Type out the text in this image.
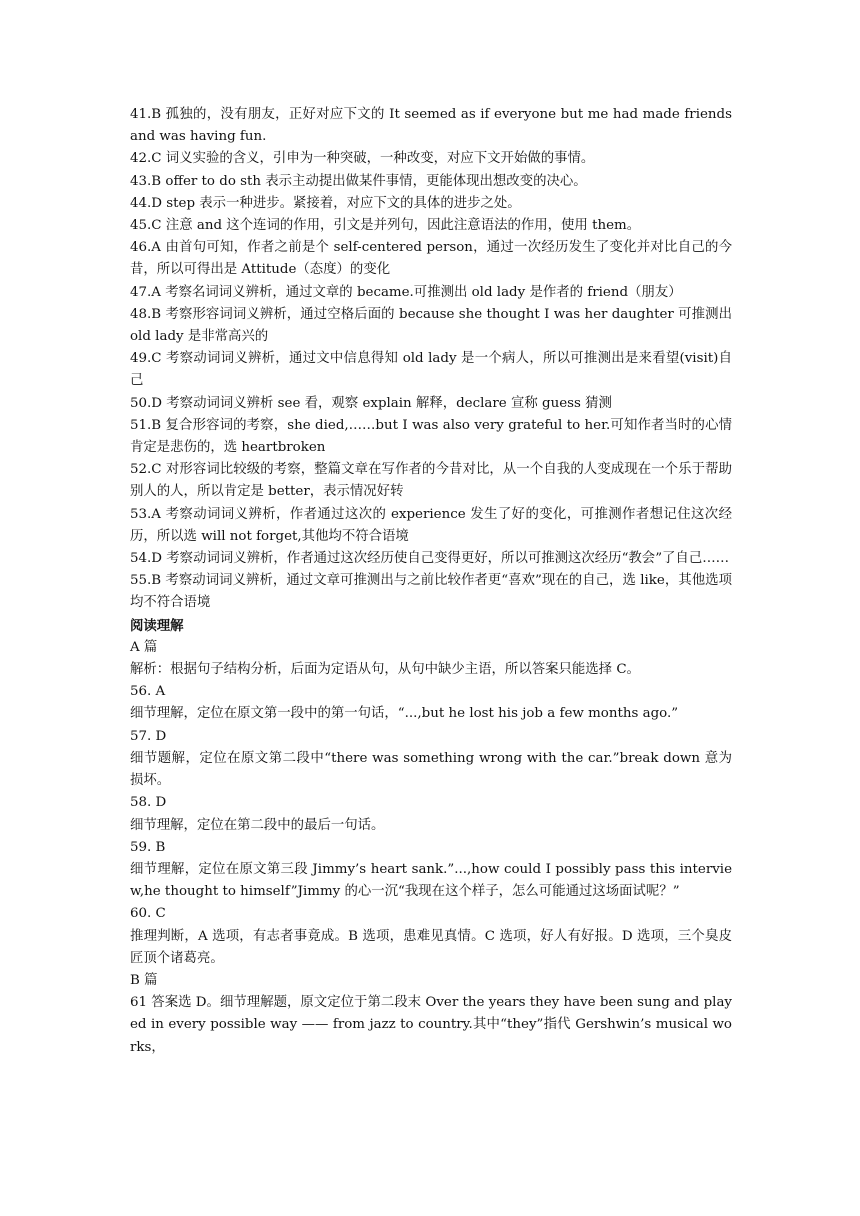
41.B 孤独的，没有朋友，正好对应下文的 It seemed as if everyone but me had made friends and was having fun.
42.C 词义实验的含义，引申为一种突破，一种改变，对应下文开始做的事情。
43.B offer to do sth 表示主动提出做某件事情，更能体现出想改变的决心。
44.D step 表示一种进步。紧接着，对应下文的具体的进步之处。
45.C 注意 and 这个连词的作用，引文是并列句，因此注意语法的作用，使用 them。
46.A 由首句可知，作者之前是个 self-centered person，通过一次经历发生了变化并对比自己的今昔，所以可得出是 Attitude（态度）的变化
47.A 考察名词词义辨析，通过文章的 became.可推测出 old lady 是作者的 friend（朋友）
48.B 考察形容词词义辨析，通过空格后面的 because she thought I was her daughter 可推测出 old lady 是非常高兴的
49.C 考察动词词义辨析，通过文中信息得知 old lady 是一个病人，所以可推测出是来看望(visit)自己
50.D 考察动词词义辨析 see 看，观察 explain 解释，declare 宣称 guess 猜测
51.B 复合形容词的考察，she died,……but I was also very grateful to her.可知作者当时的心情肯定是悲伤的，选 heartbroken
52.C 对形容词比较级的考察，整篇文章在写作者的今昔对比，从一个自我的人变成现在一个乐于帮助别人的人，所以肯定是 better，表示情况好转
53.A 考察动词词义辨析，作者通过这次的 experience 发生了好的变化，可推测作者想记住这次经历，所以选 will not forget,其他均不符合语境
54.D 考察动词词义辨析，作者通过这次经历使自己变得更好，所以可推测这次经历“教会”了自己……
55.B 考察动词词义辨析，通过文章可推测出与之前比较作者更“喜欢”现在的自己，选 like，其他选项均不符合语境
阅读理解
A 篇
解析：根据句子结构分析，后面为定语从句，从句中缺少主语，所以答案只能选择 C。
56. A
细节理解，定位在原文第一段中的第一句话，“...,but he lost his job a few months ago.”
57. D
细节题解，定位在原文第二段中“there was something wrong with the car.”break down 意为损坏。
58. D
细节理解，定位在第二段中的最后一句话。
59. B
细节理解，定位在原文第三段 Jimmy’s heart sank.”...,how could I possibly pass this interview,he thought to himself”Jimmy 的心一沉“我现在这个样子，怎么可能通过这场面试呢？”
60. C
推理判断，A 选项，有志者事竟成。B 选项，患难见真情。C 选项，好人有好报。D 选项，三个臭皮匠顶个诸葛亮。
B 篇
61 答案选 D。细节理解题，原文定位于第二段末 Over the years they have been sung and played in every possible way —— from jazz to country.其中“they”指代 Gershwin’s musical works，
